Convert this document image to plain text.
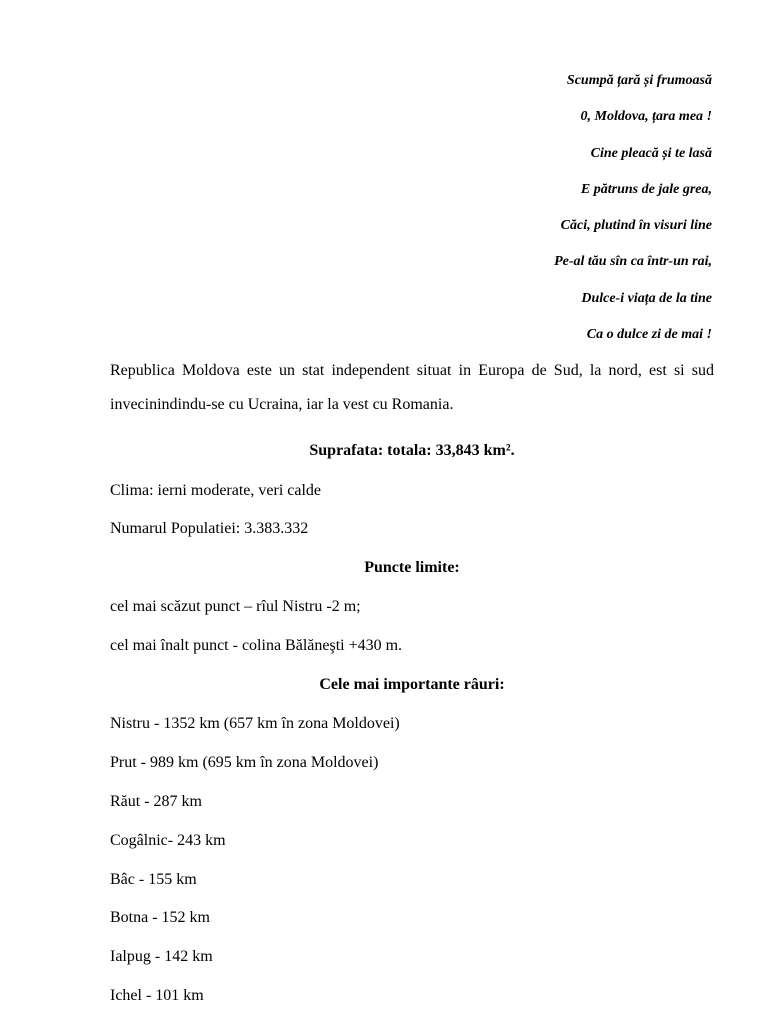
Scumpă țară și frumoasă
0, Moldova, țara mea !
Cine pleacă și te lasă
E pătruns de jale grea,
Căci, plutind în visuri line
Pe-al tău sîn ca într-un rai,
Dulce-i viața de la tine
Ca o dulce zi de mai !

Republica Moldova este un stat independent situat in Europa de Sud, la nord, est si sud invecinindindu-se cu Ucraina, iar la vest cu Romania.

Suprafata: totala: 33,843 km².
Clima: ierni moderate, veri calde
Numarul Populatiei: 3.383.332
Puncte limite:
cel mai scăzut punct – rîul Nistru -2 m;
cel mai înalt punct - colina Bălăneşti +430 m.
Cele mai importante râuri:
Nistru - 1352 km (657 km în zona Moldovei)
Prut - 989 km (695 km în zona Moldovei)
Răut - 287 km
Cogâlnic- 243 km
Bâc - 155 km
Botna - 152 km
Ialpug - 142 km
Ichel - 101 km
